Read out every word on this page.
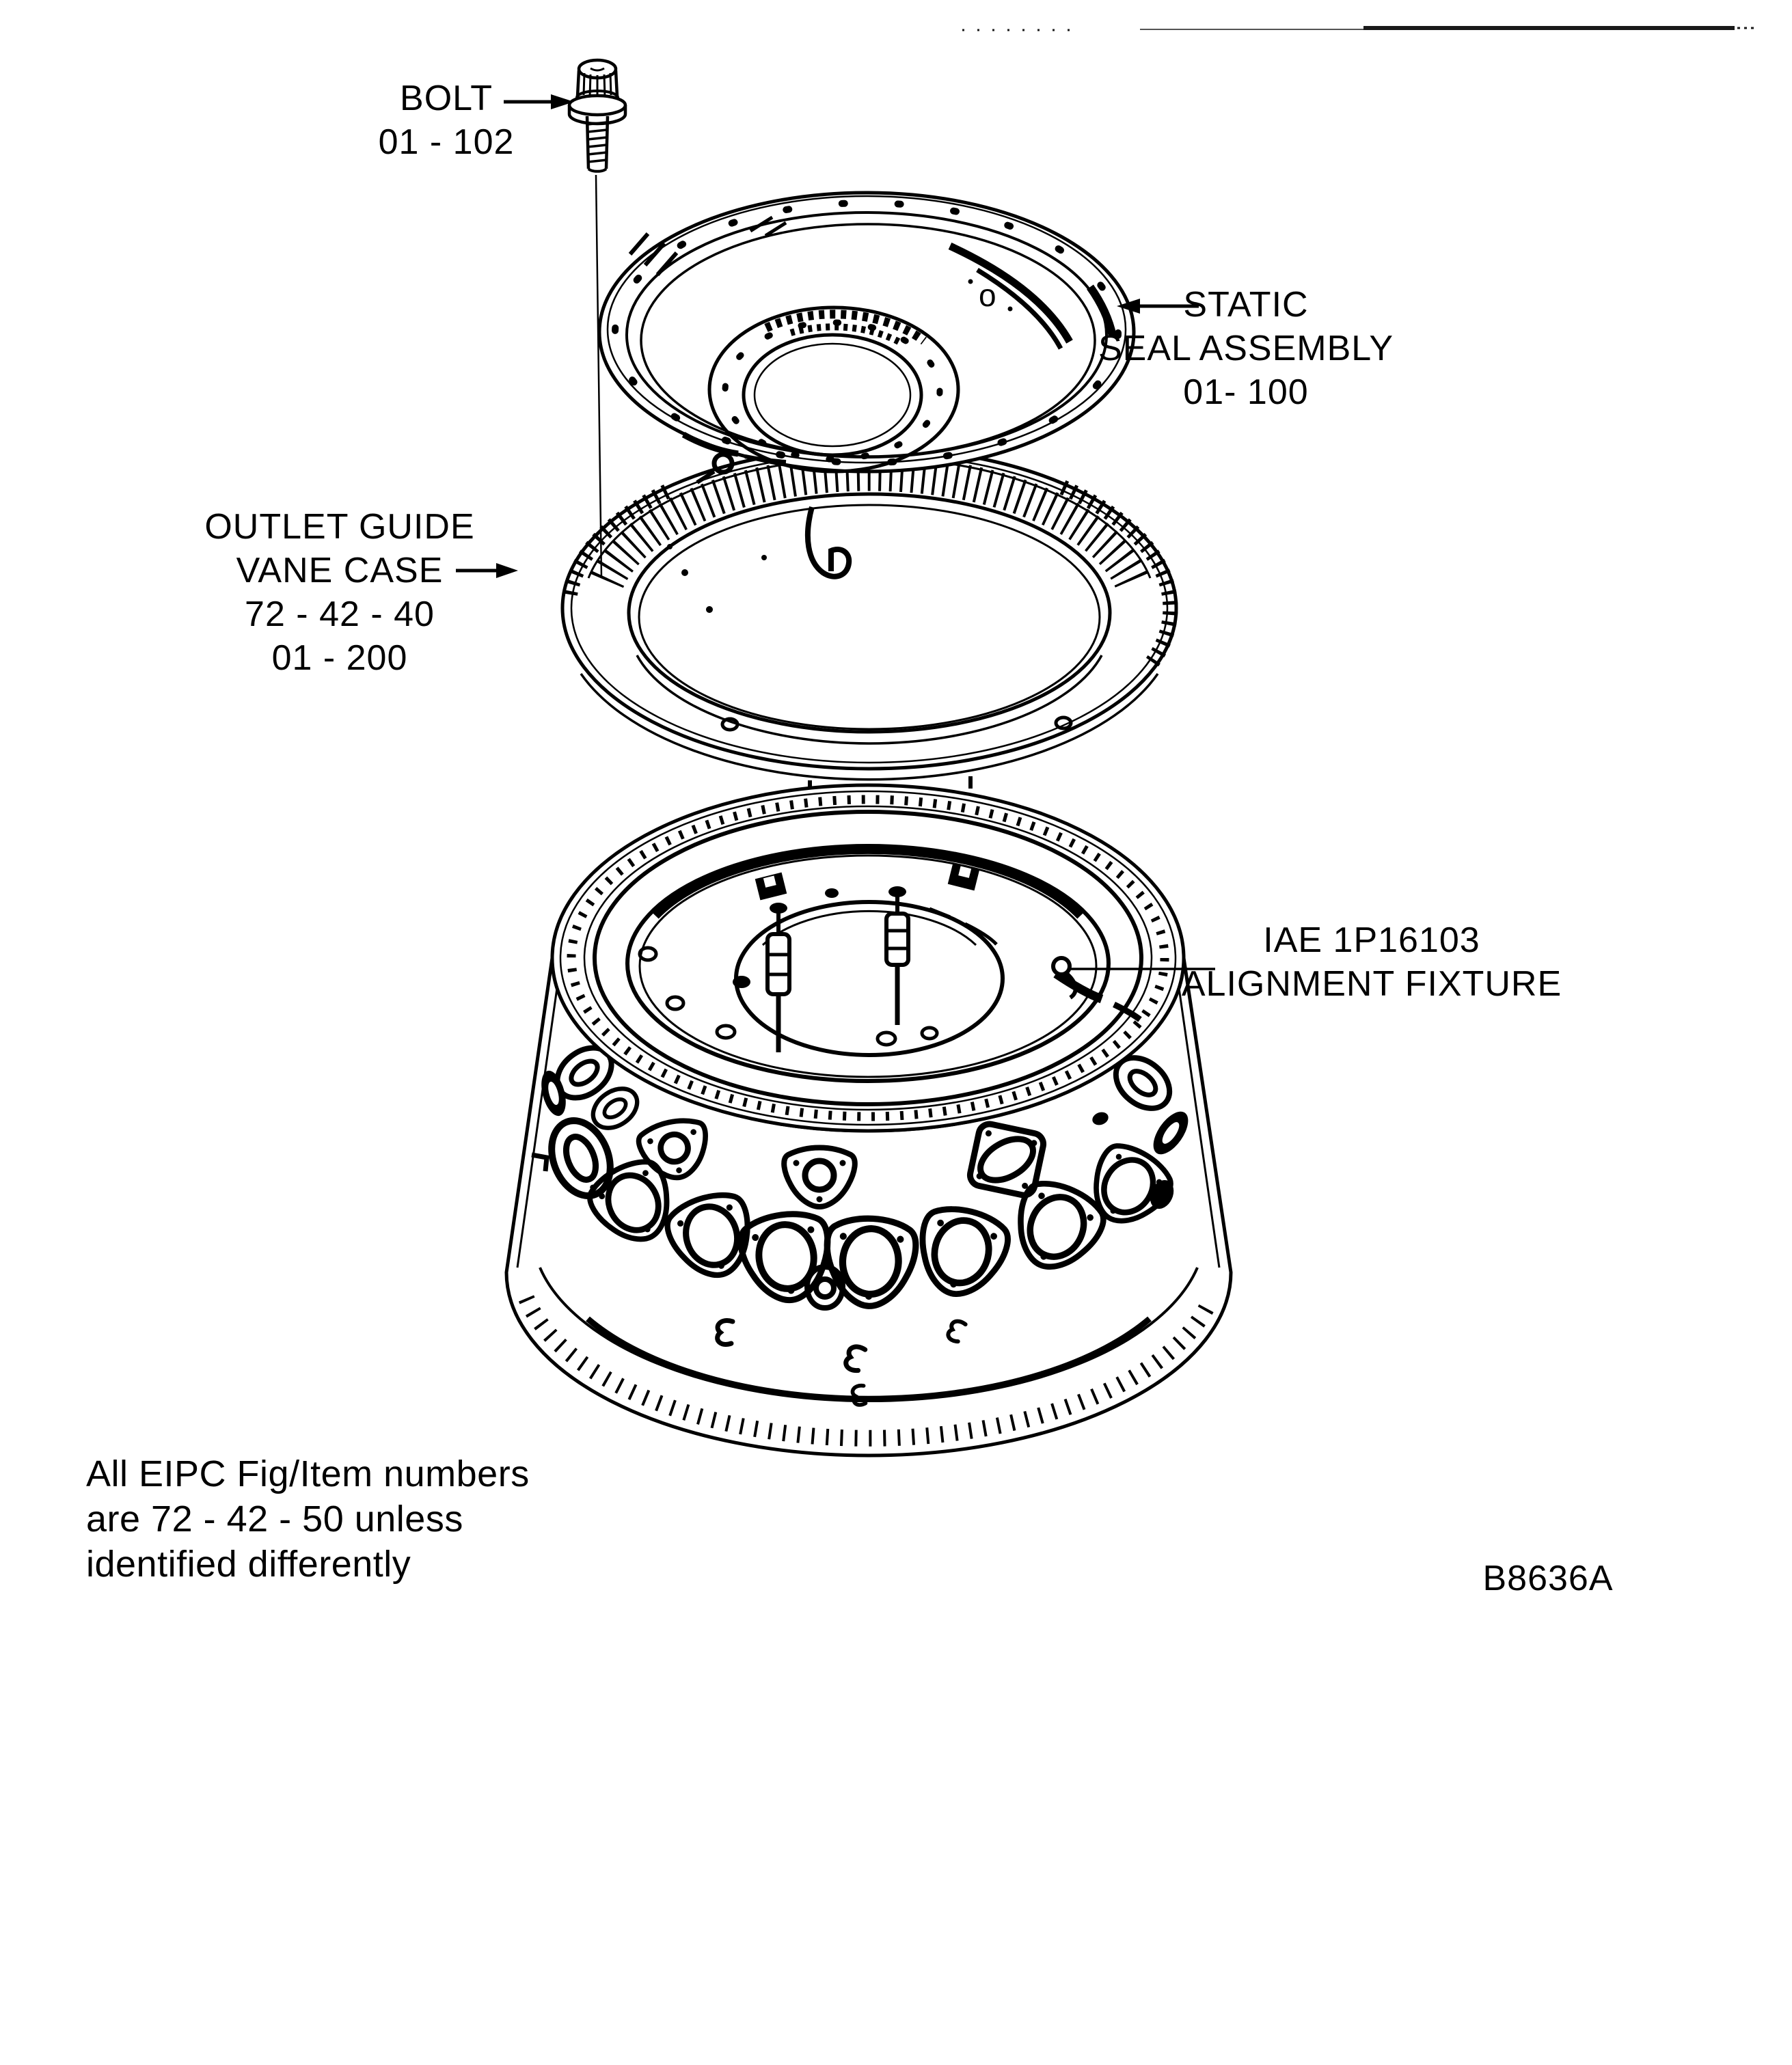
o
BOLT
01 - 102
STATIC
SEAL ASSEMBLY
01- 100
OUTLET GUIDE
VANE CASE
72 - 42 - 40
01 - 200
IAE 1P16103
ALIGNMENT FIXTURE
All EIPC Fig/Item numbers
are 72 - 42 - 50 unless
identified differently	B8636A
